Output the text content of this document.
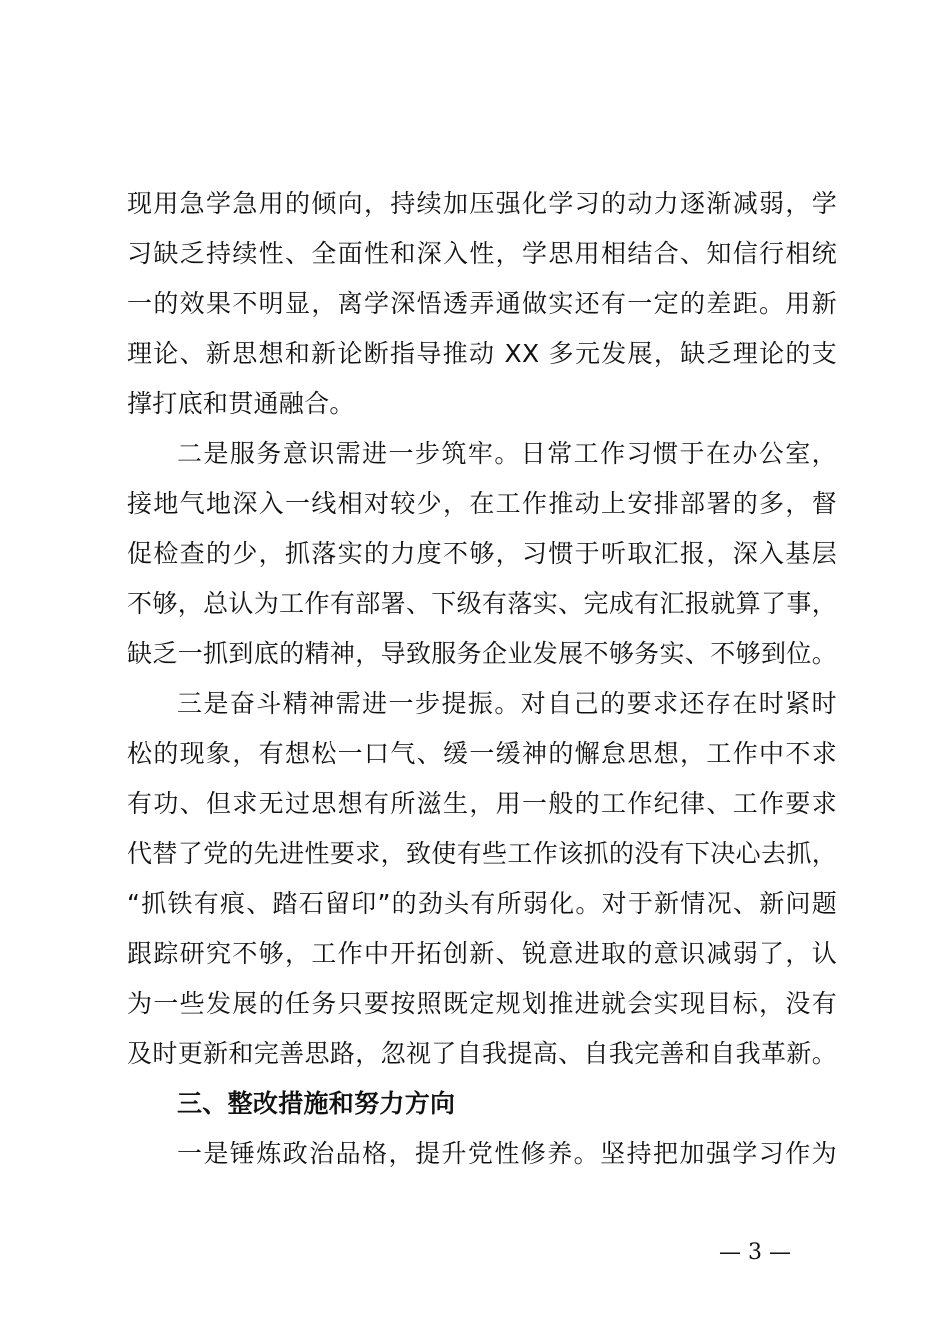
现用急学急用的倾向，持续加压强化学习的动力逐渐减弱，学
习缺乏持续性、全面性和深入性，学思用相结合、知信行相统
一的效果不明显，离学深悟透弄通做实还有一定的差距。用新
理论、新思想和新论断指导推动 XX 多元发展，缺乏理论的支
撑打底和贯通融合。
二是服务意识需进一步筑牢。日常工作习惯于在办公室，
接地气地深入一线相对较少，在工作推动上安排部署的多，督
促检查的少，抓落实的力度不够，习惯于听取汇报，深入基层
不够，总认为工作有部署、下级有落实、完成有汇报就算了事，
缺乏一抓到底的精神，导致服务企业发展不够务实、不够到位。
三是奋斗精神需进一步提振。对自己的要求还存在时紧时
松的现象，有想松一口气、缓一缓神的懈怠思想，工作中不求
有功、但求无过思想有所滋生，用一般的工作纪律、工作要求
代替了党的先进性要求，致使有些工作该抓的没有下决心去抓，
“抓铁有痕、踏石留印”的劲头有所弱化。对于新情况、新问题
跟踪研究不够，工作中开拓创新、锐意进取的意识减弱了，认
为一些发展的任务只要按照既定规划推进就会实现目标，没有
及时更新和完善思路，忽视了自我提高、自我完善和自我革新。
三、整改措施和努力方向
一是锤炼政治品格，提升党性修养。坚持把加强学习作为
— 3 —
